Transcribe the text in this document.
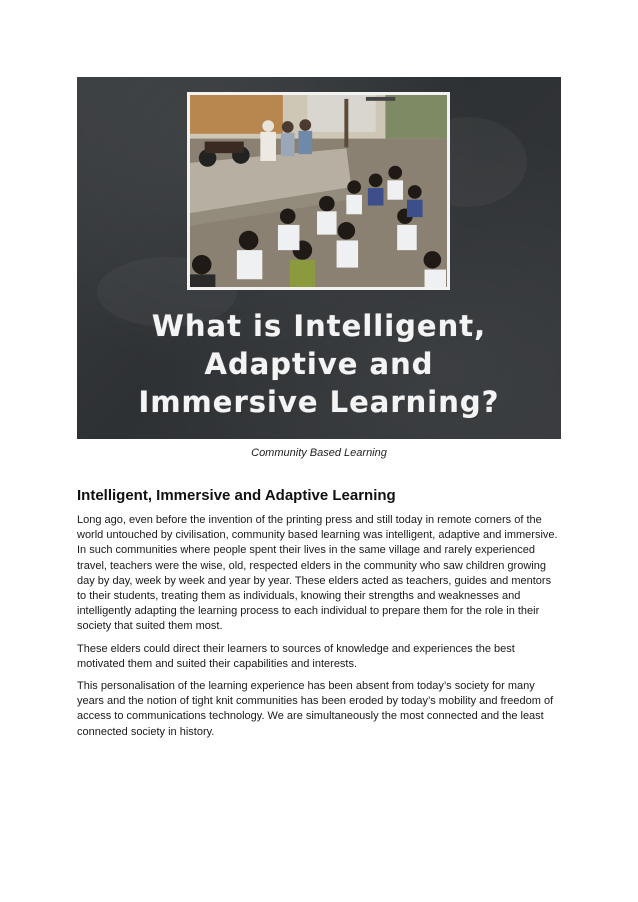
What is Intelligent,
Adaptive and
Immersive Learning?
Community Based Learning
Intelligent, Immersive and Adaptive Learning

Long ago, even before the invention of the printing press and still today in remote corners of the world untouched by civilisation, community based learning was intelligent, adaptive and immersive. In such communities where people spent their lives in the same village and rarely experienced travel, teachers were the wise, old, respected elders in the community who saw children growing day by day, week by week and year by year. These elders acted as teachers, guides and mentors to their students, treating them as individuals, knowing their strengths and weaknesses and intelligently adapting the learning process to each individual to prepare them for the role in their society that suited them most.

These elders could direct their learners to sources of knowledge and experiences the best motivated them and suited their capabilities and interests.

This personalisation of the learning experience has been absent from today’s society for many years and the notion of tight knit communities has been eroded by today’s mobility and freedom of access to communications technology. We are simultaneously the most connected and the least connected society in history.
